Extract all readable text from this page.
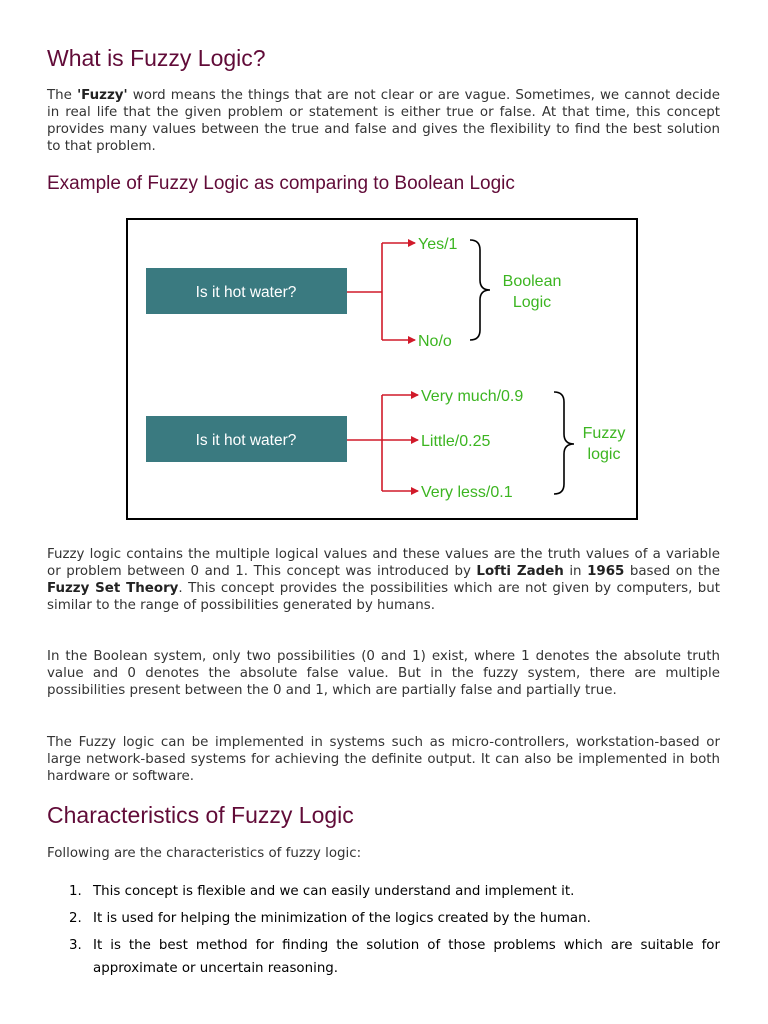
What is Fuzzy Logic?

The 'Fuzzy' word means the things that are not clear or are vague. Sometimes, we cannot decide in real life that the given problem or statement is either true or false. At that time, this concept provides many values between the true and false and gives the flexibility to find the best solution to that problem.

Example of Fuzzy Logic as comparing to Boolean Logic
Is it hot water?
Yes/1
No/o
Boolean
Logic
Is it hot water?
Very much/0.9
Little/0.25
Very less/0.1
Fuzzy
logic

Fuzzy logic contains the multiple logical values and these values are the truth values of a variable or problem between 0 and 1. This concept was introduced by Lofti Zadeh in 1965 based on the Fuzzy Set Theory. This concept provides the possibilities which are not given by computers, but similar to the range of possibilities generated by humans.

In the Boolean system, only two possibilities (0 and 1) exist, where 1 denotes the absolute truth value and 0 denotes the absolute false value. But in the fuzzy system, there are multiple possibilities present between the 0 and 1, which are partially false and partially true.

The Fuzzy logic can be implemented in systems such as micro-controllers, workstation-based or large network-based systems for achieving the definite output. It can also be implemented in both hardware or software.

Characteristics of Fuzzy Logic

Following are the characteristics of fuzzy logic:

1. This concept is flexible and we can easily understand and implement it.
2. It is used for helping the minimization of the logics created by the human.
3. It is the best method for finding the solution of those problems which are suitable for approximate or uncertain reasoning.
